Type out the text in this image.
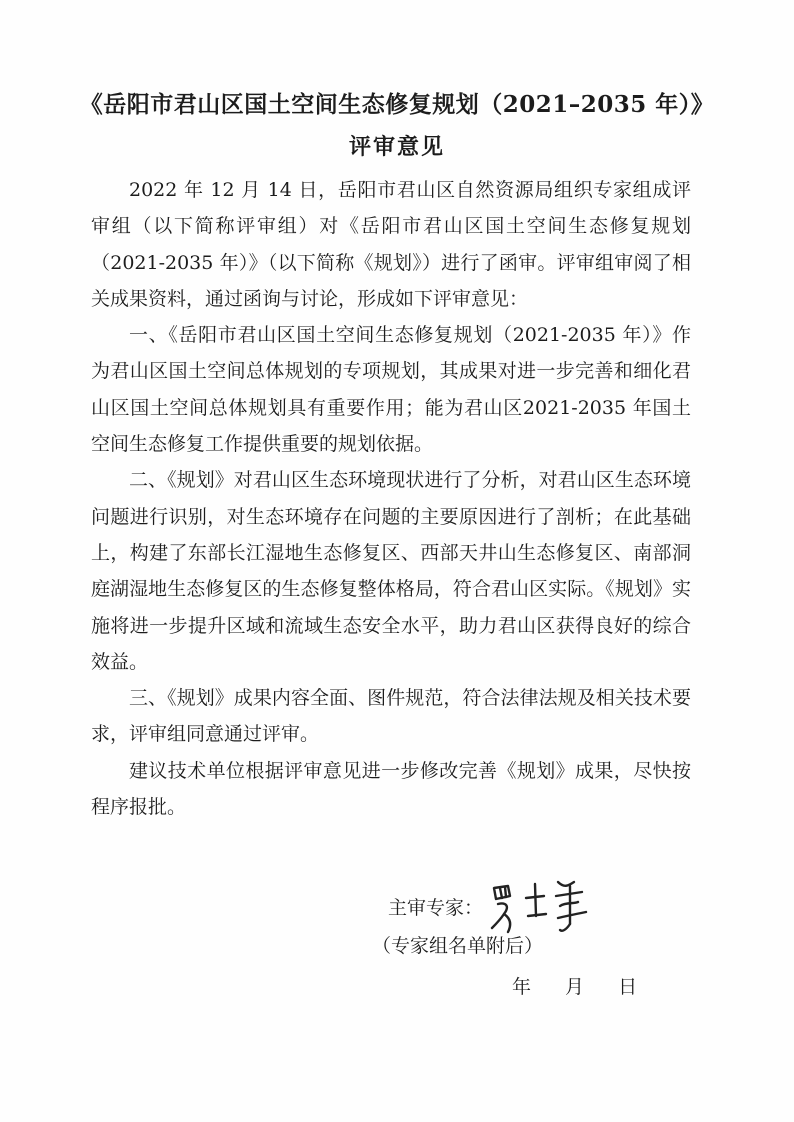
《岳阳市君山区国土空间生态修复规划（2021–2035 年）》
评审意见

2022 年 12 月 14 日，岳阳市君山区自然资源局组织专家组成评审组（以下简称评审组）对《岳阳市君山区国土空间生态修复规划（2021-2035 年）》（以下简称《规划》）进行了函审。评审组审阅了相关成果资料，通过函询与讨论，形成如下评审意见：

一、《岳阳市君山区国土空间生态修复规划（2021-2035 年）》作为君山区国土空间总体规划的专项规划，其成果对进一步完善和细化君山区国土空间总体规划具有重要作用；能为君山区2021-2035 年国土空间生态修复工作提供重要的规划依据。

二、《规划》对君山区生态环境现状进行了分析，对君山区生态环境问题进行识别，对生态环境存在问题的主要原因进行了剖析；在此基础上，构建了东部长江湿地生态修复区、西部天井山生态修复区、南部洞庭湖湿地生态修复区的生态修复整体格局，符合君山区实际。《规划》实施将进一步提升区域和流域生态安全水平，助力君山区获得良好的综合效益。

三、《规划》成果内容全面、图件规范，符合法律法规及相关技术要求，评审组同意通过评审。

建议技术单位根据评审意见进一步修改完善《规划》成果，尽快按程序报批。

主审专家：
（专家组名单附后）
年 月 日
